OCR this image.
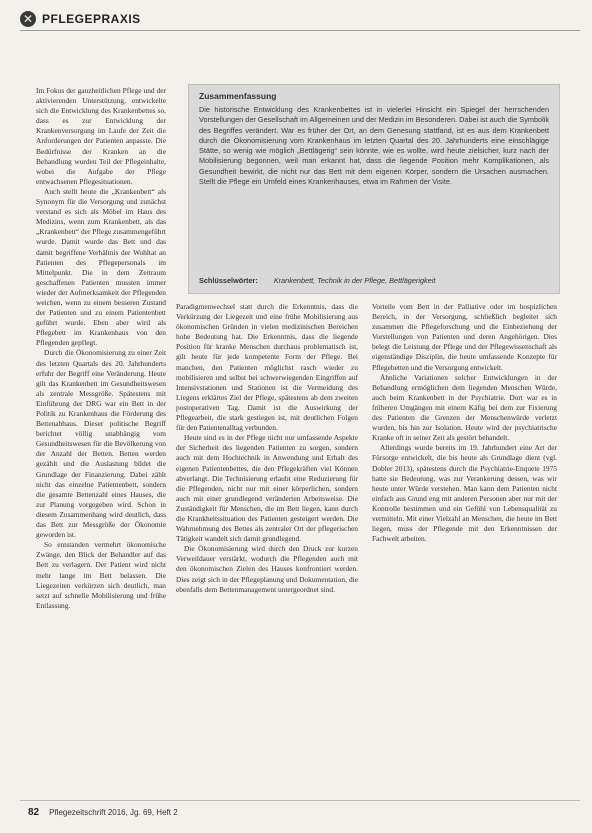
✕ PFLEGEPRAXIS
Zusammenfassung
Die historische Entwicklung des Krankenbettes ist in vielerlei Hinsicht ein Spiegel der herrschenden Vorstellungen der Gesellschaft im Allgemeinen und der Medizin im Besonderen. Dabei ist auch die Symbolik des Begriffes verändert. War es früher der Ort, an dem Genesung stattfand, ist es aus dem Krankenbett durch die Ökonomisierung vom Krankenhaus im letzten Quartal des 20. Jahrhunderts eine einschlägige Stätte, so wenig wie möglich „Bettlägerig“ sein könnte, wie es wollte, wird heute zielsicher, kurz nach der Mobilisierung begonnen, weil man erkannt hat, dass die liegende Position mehr Komplikationen, als Gesundheit bewirkt, die nicht nur das Bett mit dem eigenen Körper, sondern die Ursachen ausmachen. Stellt die Pflege ein Umfeld eines Krankenhauses, etwa im Rahmen der Visite.
Schlüsselwörter: Krankenbett, Technik in der Pflege, Bettlägerigkeit

Im Fokus der ganzheitlichen Pflege und der aktivierenden Unterstützung, entwickelte sich die Entwicklung des Krankenbettes so, dass es zur Entwicklung der Krankenversorgung im Laufe der Zeit die Anforderungen der Patienten anpasste. Die Bedürfnisse der Kranken an die Behandlung wurden Teil der Pflegeinhalte, wobei die Aufgabe der Pflege entwachsenen Pflegesituationen.

Auch stellt heute die „Krankenbett“ als Synonym für die Versorgung und zunächst verstand es sich als Möbel im Haus des Medizins, wenn zum Krankenbett, als das „Krankenbett“ der Pflege zusammengeführt wurde. Damit wurde das Bett und das damit begriffene Verhältnis der Wohltat an Patienten des Pflegepersonals im Mittelpunkt. Die in dem Zeitraum geschaffenen Patienten mussten immer wieder der Aufmerksamkeit der Pflegenden weichen, wenn zu einem besseren Zustand der Patienten und zu einem Patientenbett geführt wurde. Eben aber wird als Pflegebett im Krankenhaus von den Pflegenden gepflegt.

Durch die Ökonomisierung zu einer Zeit des letzten Quartals des 20. Jahrhunderts erfuhr der Begriff eine Veränderung. Heute gilt das Krankenbett im Gesundheitswesen als zentrale Messgröße. Spätestens mit Einführung der DRG war ein Bett in der Politik zu Krankenhaus die Förderung des Bettenabbaus. Dieser politische Begriff berichtet völlig unabhängig vom Gesundheitswesen für die Bevölkerung von der Anzahl der Betten. Betten werden gezählt und die Auslastung bildet die Grundlage der Finanzierung. Dabei zählt nicht das einzelne Patientenbett, sondern die gesamte Bettenzahl eines Hauses, die zur Planung vorgegeben wird. Schon in diesem Zusammenhang wird deutlich, dass das Bett zur Messgröße der Ökonomie geworden ist.

So entstanden vermehrt ökonomische Zwänge, den Blick der Behandler auf das Bett zu verlagern. Der Patient wird nicht mehr lange im Bett belassen. Die Liegezeiten verkürzen sich deutlich, man setzt auf schnelle Mobilisierung und frühe Entlassung.

Paradigmenwechsel statt durch die Erkenntnis, dass die Verkürzung der Liegezeit und eine frühe Mobilisierung aus ökonomischen Gründen in vielen medizinischen Bereichen hohe Bedeutung hat. Die Erkenntnis, dass die liegende Position für kranke Menschen durchaus problematisch ist, gilt heute für jede kompetente Form der Pflege. Bei manchen, den Patienten möglichst rasch wieder zu mobilisieren und selbst bei schwerwiegenden Eingriffen auf Intensivstationen und Stationen ist die Vermeidung des Liegens erklärtes Ziel der Pflege, spätestens ab dem zweiten postoperativen Tag. Damit ist die Auswirkung der Pflegearbeit, die stark gestiegen ist, mit deutlichen Folgen für den Patientenalltag verbunden.

Heute sind es in der Pflege nicht nur umfassende Aspekte der Sicherheit des liegenden Patienten zu sorgen, sondern auch mit dem Hochtechnik in Anwendung und Erhalt des eigenen Patientenbettes, die den Pflegekräften viel Können abverlangt. Die Technisierung erlaubt eine Reduzierung für die Pflegenden, nicht nur mit einer körperlichen, sondern auch mit einer grundlegend veränderten Arbeitsweise. Die Zuständigkeit für Menschen, die im Bett liegen, kann durch die Krankheitssituation des Patienten gesteigert werden. Die Wahrnehmung des Bettes als zentraler Ort der pflegerischen Tätigkeit wandelt sich damit grundlegend.

Die Ökonomisierung wird durch den Druck zur kurzen Verweildauer verstärkt, wodurch die Pflegenden auch mit den ökonomischen Zielen des Hauses konfrontiert werden. Dies zeigt sich in der Pflegeplanung und Dokumentation, die ebenfalls dem Bettenmanagement untergeordnet sind.

Vorteile vom Bett in der Palliative oder im hospizlichen Bereich, in der Versorgung, schließlich begleitet sich zusammen die Pflegeforschung und die Einbeziehung der Vorstellungen von Patienten und deren Angehörigen. Dies belegt die Leistung der Pflege und der Pflegewissenschaft als eigenständige Disziplin, die heute umfassende Konzepte für Pflegebetten und die Versorgung entwickelt.

Ähnliche Variationen solcher Entwicklungen in der Behandlung ermöglichen dem liegenden Menschen Würde, auch beim Krankenbett in der Psychiatrie. Dort war es in früheren Umgängen mit einem Käfig bei dem zur Fixierung des Patienten die Grenzen der Menschenwürde verletzt wurden, bis hin zur Isolation. Heute wird der psychiatrische Kranke oft in seiner Zeit als gestört behandelt.

Allerdings wurde bereits im 19. Jahrhundert eine Art der Fürsorge entwickelt, die bis heute als Grundlage dient (vgl. Dobler 2013), spätestens durch die Psychiatrie-Enquete 1975 hatte sie Bedeutung, was zur Verankerung dessen, was wir heute unter Würde verstehen. Man kann dem Patienten nicht einfach aus Grund eng mit anderen Personen aber nur mit der Kontrolle bestimmen und ein Gefühl von Lebensqualität zu vermitteln. Mit einer Vielzahl an Menschen, die heute im Bett liegen, muss der Pflegende mit den Erkenntnissen der Fachwelt arbeiten.

82 Pflegezeitschrift 2016, Jg. 69, Heft 2
